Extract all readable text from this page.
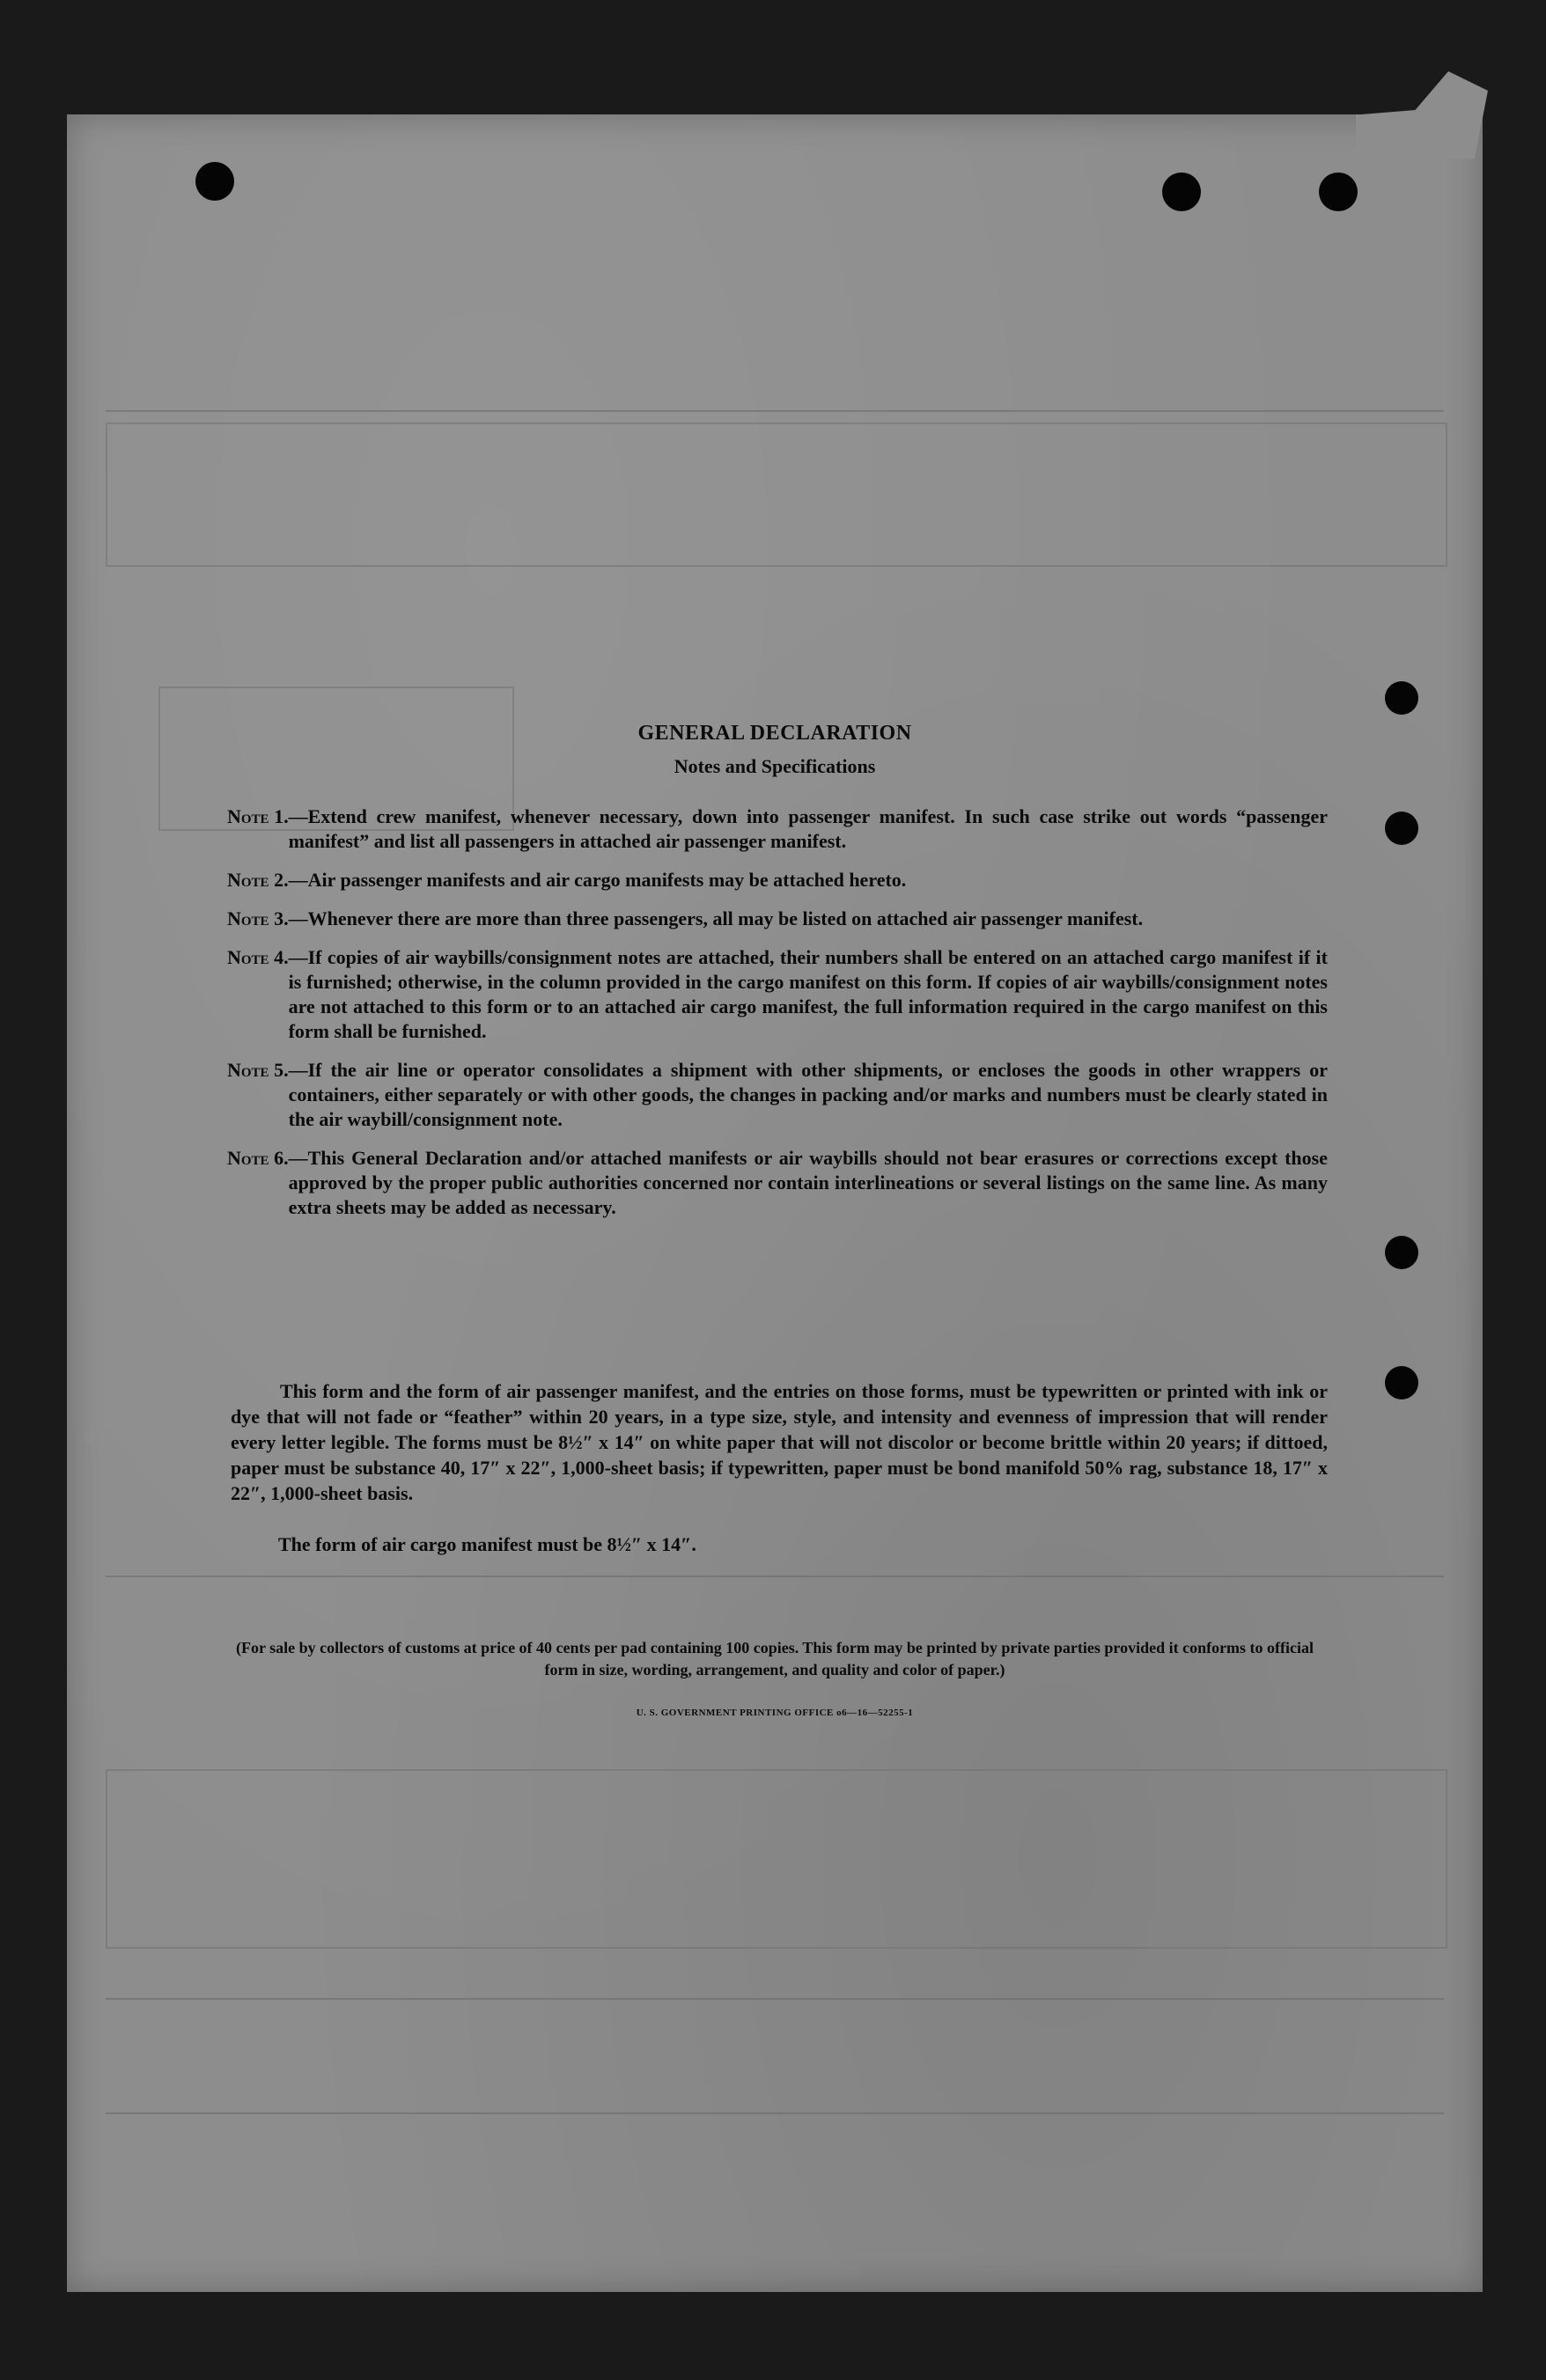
GENERAL DECLARATION
Notes and Specifications
Note 1. —Extend crew manifest, whenever necessary, down into passenger manifest. In such case strike out words “passenger manifest” and list all passengers in attached air passenger manifest.
Note 2. —Air passenger manifests and air cargo manifests may be attached hereto.
Note 3. —Whenever there are more than three passengers, all may be listed on attached air passenger manifest.
Note 4. —If copies of air waybills/consignment notes are attached, their numbers shall be entered on an attached cargo manifest if it is furnished; otherwise, in the column provided in the cargo manifest on this form. If copies of air waybills/consignment notes are not attached to this form or to an attached air cargo manifest, the full information required in the cargo manifest on this form shall be furnished.
Note 5. —If the air line or operator consolidates a shipment with other shipments, or encloses the goods in other wrappers or containers, either separately or with other goods, the changes in packing and/or marks and numbers must be clearly stated in the air waybill/consignment note.
Note 6. —This General Declaration and/or attached manifests or air waybills should not bear erasures or corrections except those approved by the proper public authorities concerned nor contain interlineations or several listings on the same line. As many extra sheets may be added as necessary.
This form and the form of air passenger manifest, and the entries on those forms, must be typewritten or printed with ink or dye that will not fade or “feather” within 20 years, in a type size, style, and intensity and evenness of impression that will render every letter legible. The forms must be 8½″ x 14″ on white paper that will not discolor or become brittle within 20 years; if dittoed, paper must be substance 40, 17″ x 22″, 1,000-sheet basis; if typewritten, paper must be bond manifold 50% rag, substance 18, 17″ x 22″, 1,000-sheet basis.
The form of air cargo manifest must be 8½″ x 14″.
(For sale by collectors of customs at price of 40 cents per pad containing 100 copies. This form may be printed by private parties provided it conforms to official form in size, wording, arrangement, and quality and color of paper.)
U. S. GOVERNMENT PRINTING OFFICE o6—16—52255-1
